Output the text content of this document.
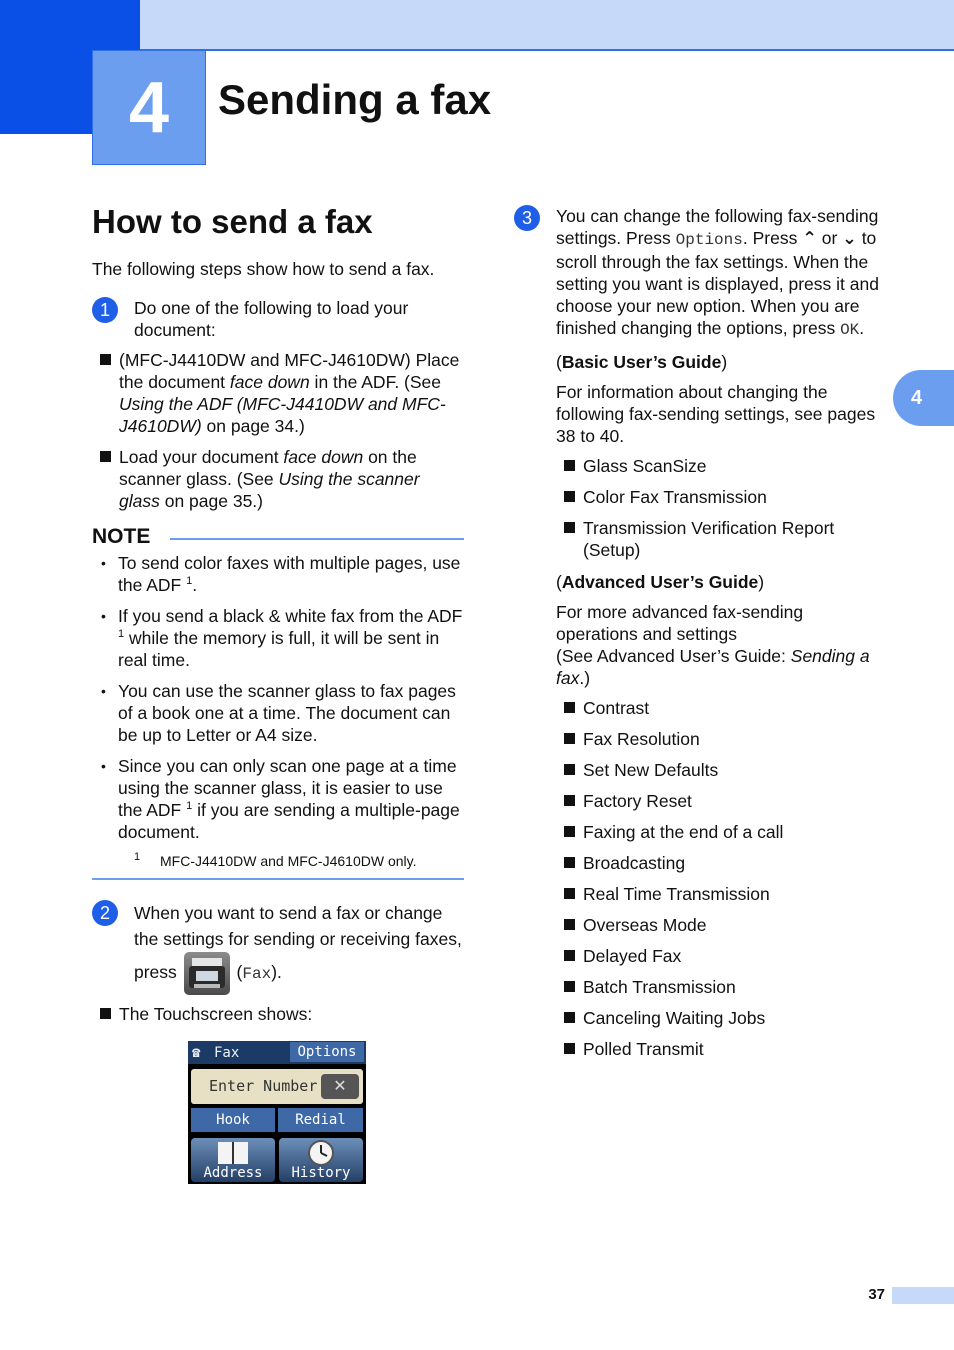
4	Sending a fax
4
How to send a fax

The following steps show how to send a fax.

1	Do one of the following to load your document:

(MFC-J4410DW and MFC-J4610DW) Place the document face down in the ADF. (See Using the ADF (MFC-J4410DW and MFC-J4610DW) on page 34.)
Load your document face down on the scanner glass. (See Using the scanner glass on page 35.)
NOTE
• To send color faxes with multiple pages, use the ADF $^1$.
• If you send a black & white fax from the ADF $^1$ while the memory is full, it will be sent in real time.
• You can use the scanner glass to fax pages of a book one at a time. The document can be up to Letter or A4 size.
• Since you can only scan one page at a time using the scanner glass, it is easier to use the ADF $^1$ if you are sending a multiple-page document.
1 MFC-J4410DW and MFC-J4610DW only.
2	When you want to send a fax or change the settings for sending or receiving faxes, press	(Fax).

The Touchscreen shows:
☎ Fax	Options
Enter Number ✕
Hook	Redial
Address	History
3	You can change the following fax-sending settings. Press Options. Press ⌃ or ⌄ to scroll through the fax settings. When the setting you want is displayed, press it and choose your new option. When you are finished changing the options, press OK.

(Basic User’s Guide)

For information about changing the following fax-sending settings, see pages 38 to 40.

Glass ScanSize
Color Fax Transmission
Transmission Verification Report (Setup)

(Advanced User’s Guide)

For more advanced fax-sending operations and settings
(See Advanced User’s Guide: Sending a fax.)

Contrast
Fax Resolution
Set New Defaults
Factory Reset
Faxing at the end of a call
Broadcasting
Real Time Transmission
Overseas Mode
Delayed Fax
Batch Transmission
Canceling Waiting Jobs
Polled Transmit
37
